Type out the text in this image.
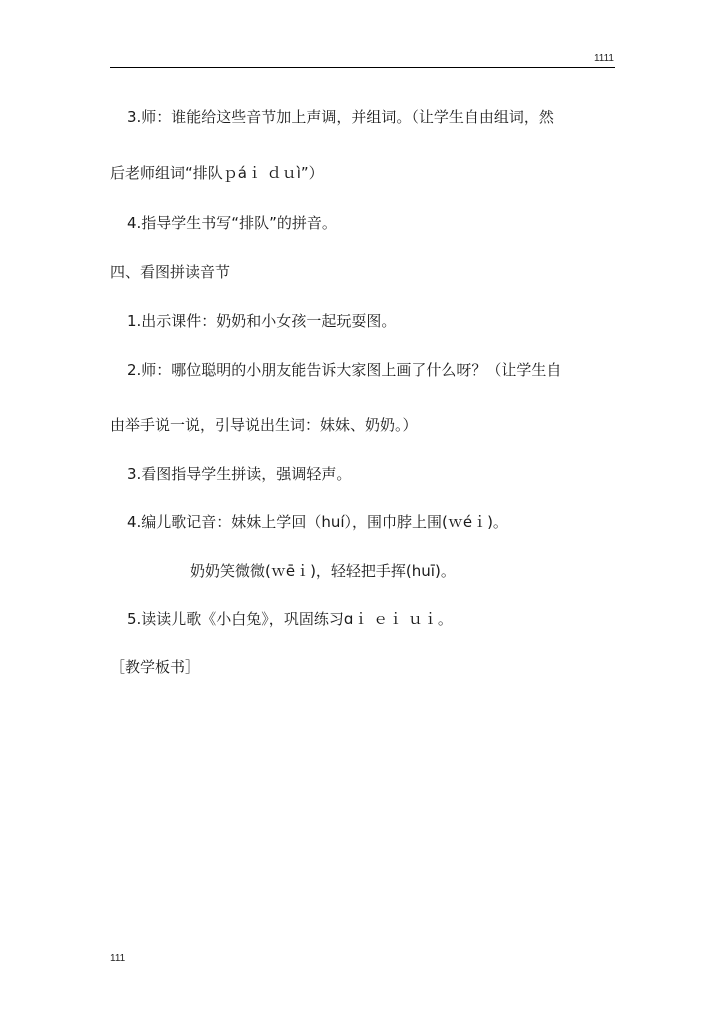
1111
3.师：谁能给这些音节加上声调，并组词。（让学生自由组词，然
后老师组词“排队ｐáｉ ｄｕì”）
4.指导学生书写“排队”的拼音。
四、看图拼读音节
1.出示课件：奶奶和小女孩一起玩耍图。
2.师：哪位聪明的小朋友能告诉大家图上画了什么呀？（让学生自
由举手说一说，引导说出生词：妹妹、奶奶。）
3.看图指导学生拼读，强调轻声。
4.编儿歌记音：妹妹上学回（huí），围巾脖上围(ｗéｉ)。
奶奶笑微微(ｗēｉ)，轻轻把手挥(huī)。
5.读读儿歌《小白兔》，巩固练习ɑｉ ｅｉ ｕｉ。
［教学板书］
111
